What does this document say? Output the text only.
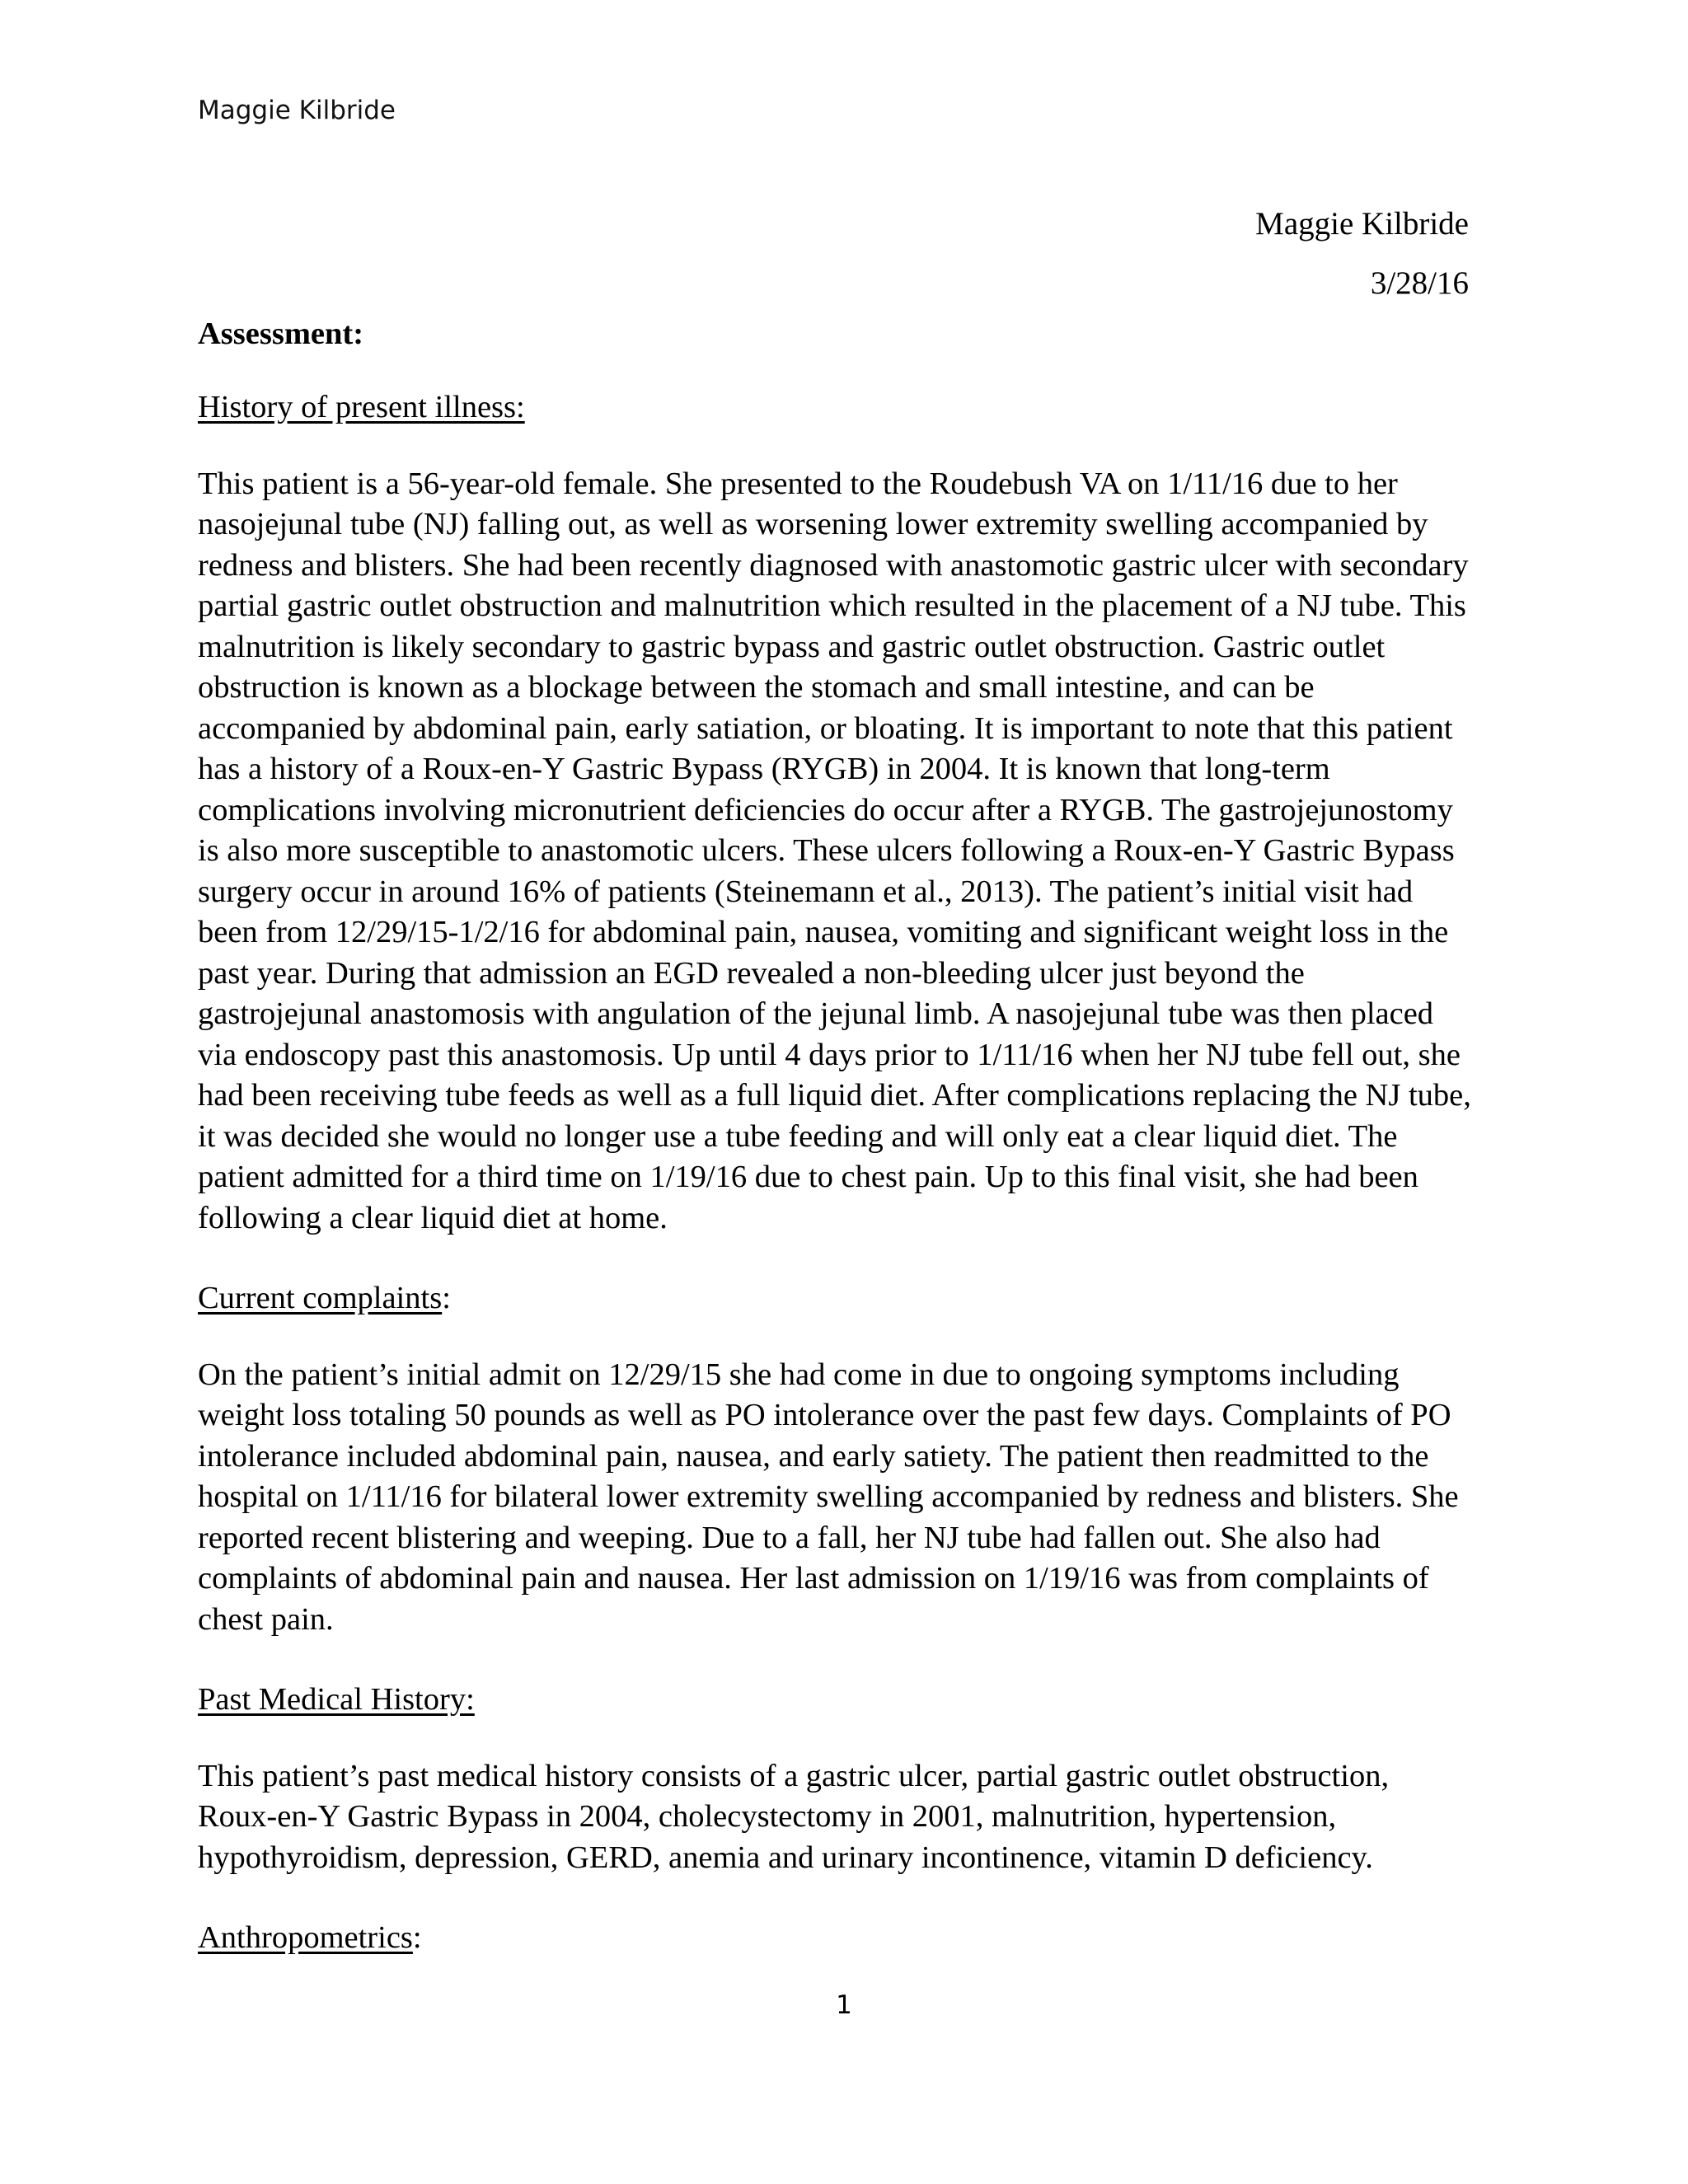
Maggie Kilbride
Maggie Kilbride
3/28/16
Assessment:
History of present illness:

This patient is a 56-year-old female. She presented to the Roudebush VA on 1/11/16 due to her nasojejunal tube (NJ) falling out, as well as worsening lower extremity swelling accompanied by redness and blisters. She had been recently diagnosed with anastomotic gastric ulcer with secondary partial gastric outlet obstruction and malnutrition which resulted in the placement of a NJ tube. This malnutrition is likely secondary to gastric bypass and gastric outlet obstruction. Gastric outlet obstruction is known as a blockage between the stomach and small intestine, and can be accompanied by abdominal pain, early satiation, or bloating. It is important to note that this patient has a history of a Roux-en-Y Gastric Bypass (RYGB) in 2004. It is known that long-term complications involving micronutrient deficiencies do occur after a RYGB. The gastrojejunostomy is also more susceptible to anastomotic ulcers. These ulcers following a Roux-en-Y Gastric Bypass surgery occur in around 16% of patients (Steinemann et al., 2013). The patient’s initial visit had been from 12/29/15-1/2/16 for abdominal pain, nausea, vomiting and significant weight loss in the past year. During that admission an EGD revealed a non-bleeding ulcer just beyond the gastrojejunal anastomosis with angulation of the jejunal limb. A nasojejunal tube was then placed via endoscopy past this anastomosis. Up until 4 days prior to 1/11/16 when her NJ tube fell out, she had been receiving tube feeds as well as a full liquid diet. After complications replacing the NJ tube, it was decided she would no longer use a tube feeding and will only eat a clear liquid diet. The patient admitted for a third time on 1/19/16 due to chest pain. Up to this final visit, she had been following a clear liquid diet at home.

Current complaints:

On the patient’s initial admit on 12/29/15 she had come in due to ongoing symptoms including weight loss totaling 50 pounds as well as PO intolerance over the past few days. Complaints of PO intolerance included abdominal pain, nausea, and early satiety. The patient then readmitted to the hospital on 1/11/16 for bilateral lower extremity swelling accompanied by redness and blisters. She reported recent blistering and weeping. Due to a fall, her NJ tube had fallen out. She also had complaints of abdominal pain and nausea. Her last admission on 1/19/16 was from complaints of chest pain.

Past Medical History:

This patient’s past medical history consists of a gastric ulcer, partial gastric outlet obstruction, Roux-en-Y Gastric Bypass in 2004, cholecystectomy in 2001, malnutrition, hypertension, hypothyroidism, depression, GERD, anemia and urinary incontinence, vitamin D deficiency.

Anthropometrics:
1
